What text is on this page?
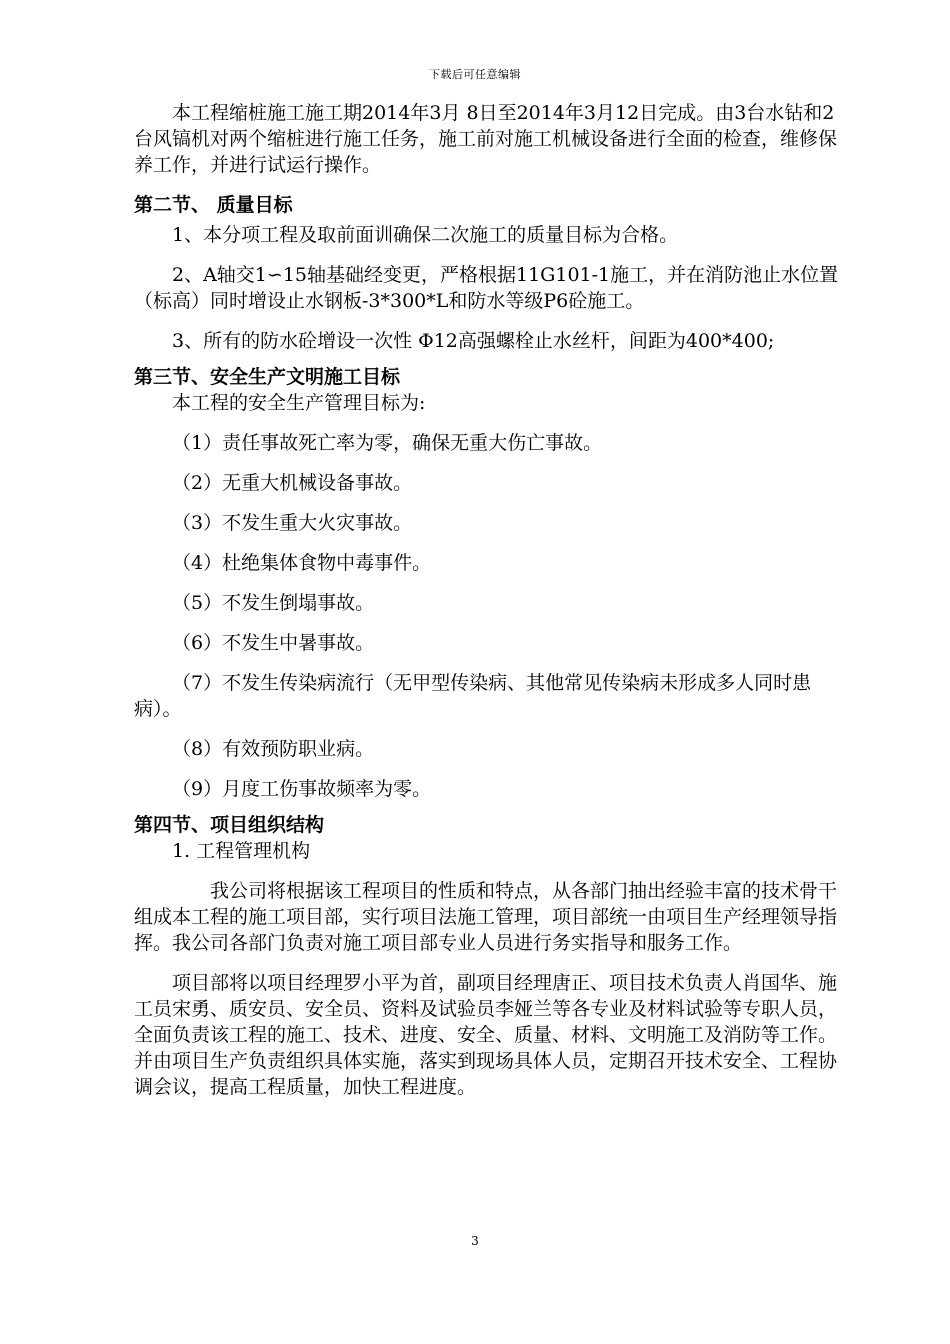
下载后可任意编辑

本工程缩桩施工施工期2014年3月 8日至2014年3月12日完成。由3台水钻和2台风镐机对两个缩桩进行施工任务，施工前对施工机械设备进行全面的检查，维修保养工作，并进行试运行操作。

第二节、 质量目标

1、本分项工程及取前面训确保二次施工的质量目标为合格。

2、A轴交1∽15轴基础经变更，严格根据11G101-1施工，并在消防池止水位置（标高）同时增设止水钢板-3*300*L和防水等级P6砼施工。

3、所有的防水砼增设一次性 Φ12高强螺栓止水丝杆，间距为400*400;

第三节、安全生产文明施工目标

本工程的安全生产管理目标为:

（1）责任事故死亡率为零，确保无重大伤亡事故。

（2）无重大机械设备事故。

（3）不发生重大火灾事故。

（4）杜绝集体食物中毒事件。

（5）不发生倒塌事故。

（6）不发生中暑事故。

（7）不发生传染病流行（无甲型传染病、其他常见传染病未形成多人同时患病）。

（8）有效预防职业病。

（9）月度工伤事故频率为零。

第四节、项目组织结构

1. 工程管理机构

我公司将根据该工程项目的性质和特点，从各部门抽出经验丰富的技术骨干组成本工程的施工项目部，实行项目法施工管理，项目部统一由项目生产经理领导指挥。我公司各部门负责对施工项目部专业人员进行务实指导和服务工作。

项目部将以项目经理罗小平为首，副项目经理唐正、项目技术负责人肖国华、施工员宋勇、质安员、安全员、资料及试验员李娅兰等各专业及材料试验等专职人员，全面负责该工程的施工、技术、进度、安全、质量、材料、文明施工及消防等工作。并由项目生产负责组织具体实施，落实到现场具体人员，定期召开技术安全、工程协调会议，提高工程质量，加快工程进度。

3
